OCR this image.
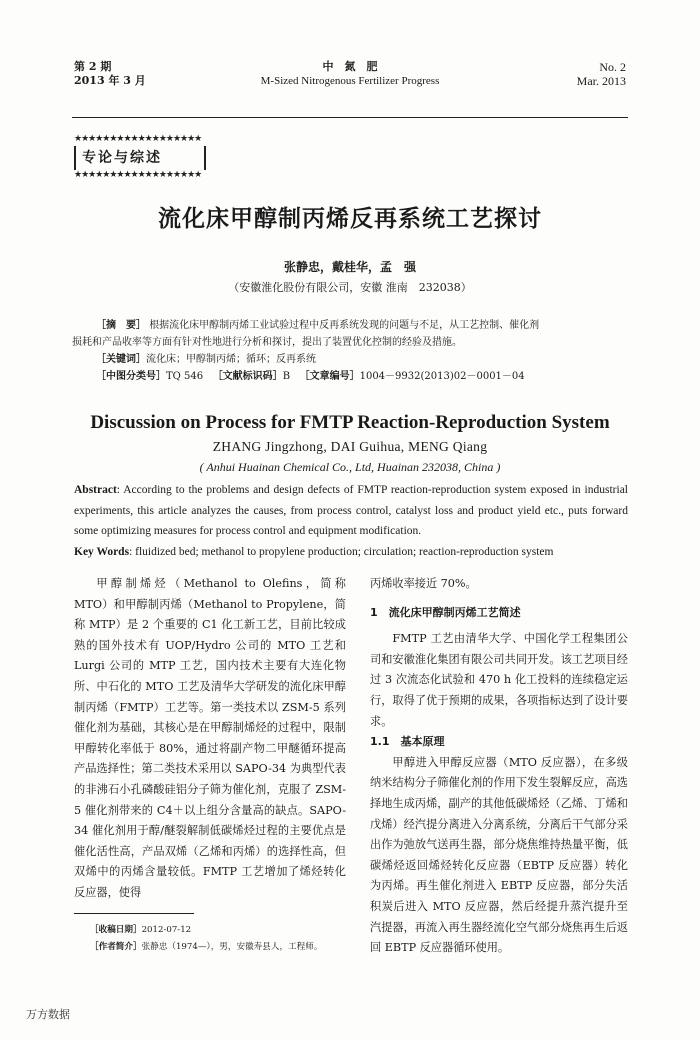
第 2 期
2013 年 3 月
中　氮　肥
M-Sized Nitrogenous Fertilizer Progress
No. 2
Mar. 2013
★★★★★★★★★★★★★★★★★★
专论与综述
★★★★★★★★★★★★★★★★★★
流化床甲醇制丙烯反再系统工艺探讨
张静忠，戴桂华，孟　强
（安徽淮化股份有限公司，安徽 淮南　232038）
［摘　要］ 根据流化床甲醇制丙烯工业试验过程中反再系统发现的问题与不足，从工艺控制、催化剂
损耗和产品收率等方面有针对性地进行分析和探讨，提出了装置优化控制的经验及措施。
［关键词］流化床；甲醇制丙烯；循环；反再系统
［中图分类号］TQ 546 ［文献标识码］B ［文章编号］1004－9932(2013)02－0001－04
Discussion on Process for FMTP Reaction-Reproduction System
ZHANG Jingzhong, DAI Guihua, MENG Qiang
( Anhui Huainan Chemical Co., Ltd, Huainan 232038, China )
Abstract: According to the problems and design defects of FMTP reaction-reproduction system exposed in industrial experiments, this article analyzes the causes, from process control, catalyst loss and product yield etc., puts forward some optimizing measures for process control and equipment modification.
Key Words: fluidized bed; methanol to propylene production; circulation; reaction-reproduction system

甲醇制烯烃（Methanol to Olefins，简称 MTO）和甲醇制丙烯（Methanol to Propylene，简称 MTP）是 2 个重要的 C1 化工新工艺，目前比较成熟的国外技术有 UOP/Hydro 公司的 MTO 工艺和 Lurgi 公司的 MTP 工艺，国内技术主要有大连化物所、中石化的 MTO 工艺及清华大学研发的流化床甲醇制丙烯（FMTP）工艺等。第一类技术以 ZSM-5 系列催化剂为基础，其核心是在甲醇制烯烃的过程中，限制甲醇转化率低于 80%，通过将副产物二甲醚循环提高产品选择性；第二类技术采用以 SAPO-34 为典型代表的非沸石小孔磷酸硅铝分子筛为催化剂，克服了 ZSM-5 催化剂带来的 C4＋以上组分含量高的缺点。SAPO-34 催化剂用于醇/醚裂解制低碳烯烃过程的主要优点是催化活性高，产品双烯（乙烯和丙烯）的选择性高，但双烯中的丙烯含量较低。FMTP 工艺增加了烯烃转化反应器，使得

丙烯收率接近 70%。
1　流化床甲醇制丙烯工艺简述

FMTP 工艺由清华大学、中国化学工程集团公司和安徽淮化集团有限公司共同开发。该工艺项目经过 3 次流态化试验和 470 h 化工投料的连续稳定运行，取得了优于预期的成果，各项指标达到了设计要求。

1.1　基本原理

甲醇进入甲醇反应器（MTO 反应器），在多级纳米结构分子筛催化剂的作用下发生裂解反应，高选择地生成丙烯，副产的其他低碳烯烃（乙烯、丁烯和戊烯）经汽提分离进入分离系统，分离后干气部分采出作为弛放气送再生器，部分烧焦维持热量平衡，低碳烯烃返回烯烃转化反应器（EBTP 反应器）转化为丙烯。再生催化剂进入 EBTP 反应器，部分失活积炭后进入 MTO 反应器，然后经提升蒸汽提升至汽提器，再流入再生器经流化空气部分烧焦再生后返回 EBTP 反应器循环使用。

［收稿日期］2012-07-12
［作者简介］张静忠（1974—），男，安徽寿县人，工程师。
万方数据
